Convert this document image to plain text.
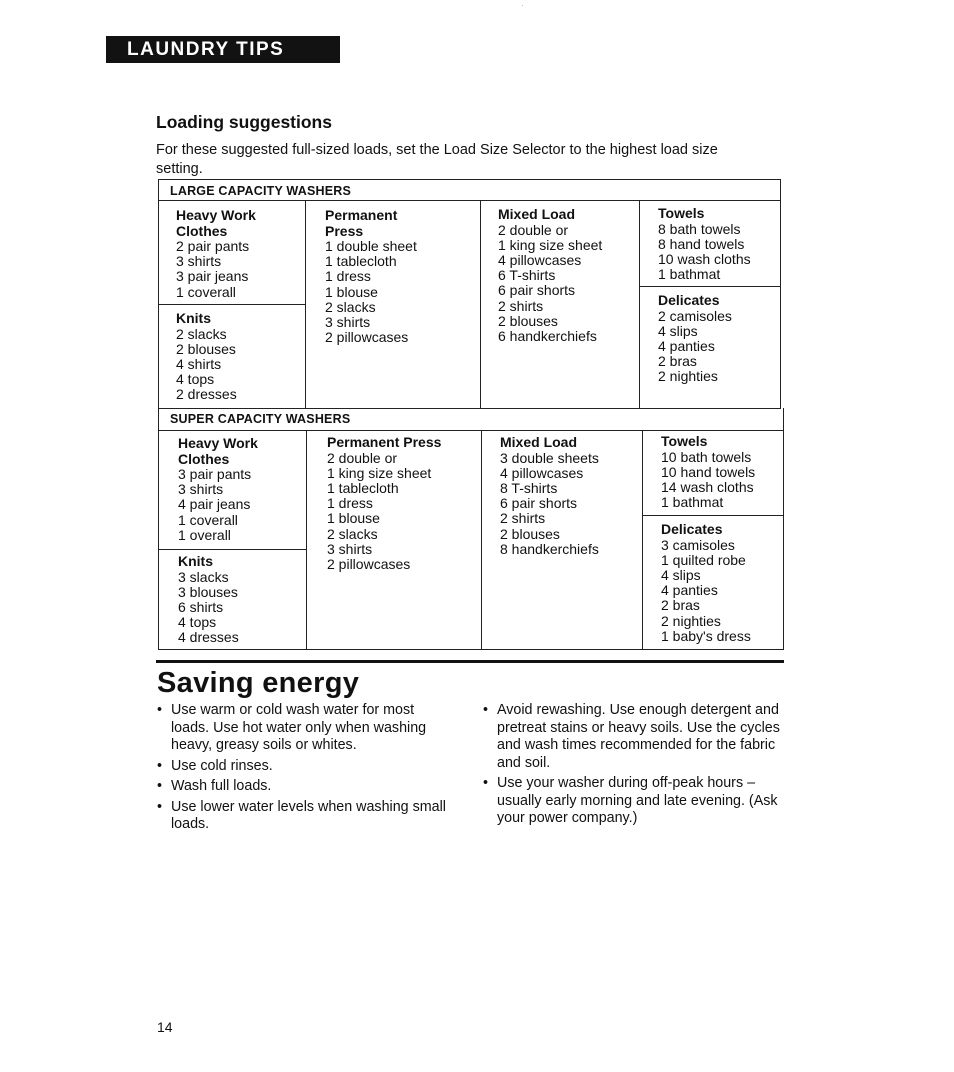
LAUNDRY TIPS
Loading suggestions
For these suggested full-sized loads, set the Load Size Selector to the highest load size setting.
LARGE CAPACITY WASHERS
Heavy Work
Clothes
2 pair pants
3 shirts
3 pair jeans
1 coverall
Knits
2 slacks
2 blouses
4 shirts
4 tops
2 dresses
Permanent
Press
1 double sheet
1 tablecloth
1 dress
1 blouse
2 slacks
3 shirts
2 pillowcases
Mixed Load
2 double or
1 king size sheet
4 pillowcases
6 T-shirts
6 pair shorts
2 shirts
2 blouses
6 handkerchiefs
Towels
8 bath towels
8 hand towels
10 wash cloths
1 bathmat
Delicates
2 camisoles
4 slips
4 panties
2 bras
2 nighties
SUPER CAPACITY WASHERS
Heavy Work
Clothes
3 pair pants
3 shirts
4 pair jeans
1 coverall
1 overall
Knits
3 slacks
3 blouses
6 shirts
4 tops
4 dresses
Permanent Press
2 double or
1 king size sheet
1 tablecloth
1 dress
1 blouse
2 slacks
3 shirts
2 pillowcases
Mixed Load
3 double sheets
4 pillowcases
8 T-shirts
6 pair shorts
2 shirts
2 blouses
8 handkerchiefs
Towels
10 bath towels
10 hand towels
14 wash cloths
1 bathmat
Delicates
3 camisoles
1 quilted robe
4 slips
4 panties
2 bras
2 nighties
1 baby's dress
Saving energy
• Use warm or cold wash water for most loads. Use hot water only when washing heavy, greasy soils or whites.
• Use cold rinses.
• Wash full loads.
• Use lower water levels when washing small loads.
• Avoid rewashing. Use enough detergent and pretreat stains or heavy soils. Use the cycles and wash times recommended for the fabric and soil.
• Use your washer during off-peak hours – usually early morning and late evening. (Ask your power company.)
14
